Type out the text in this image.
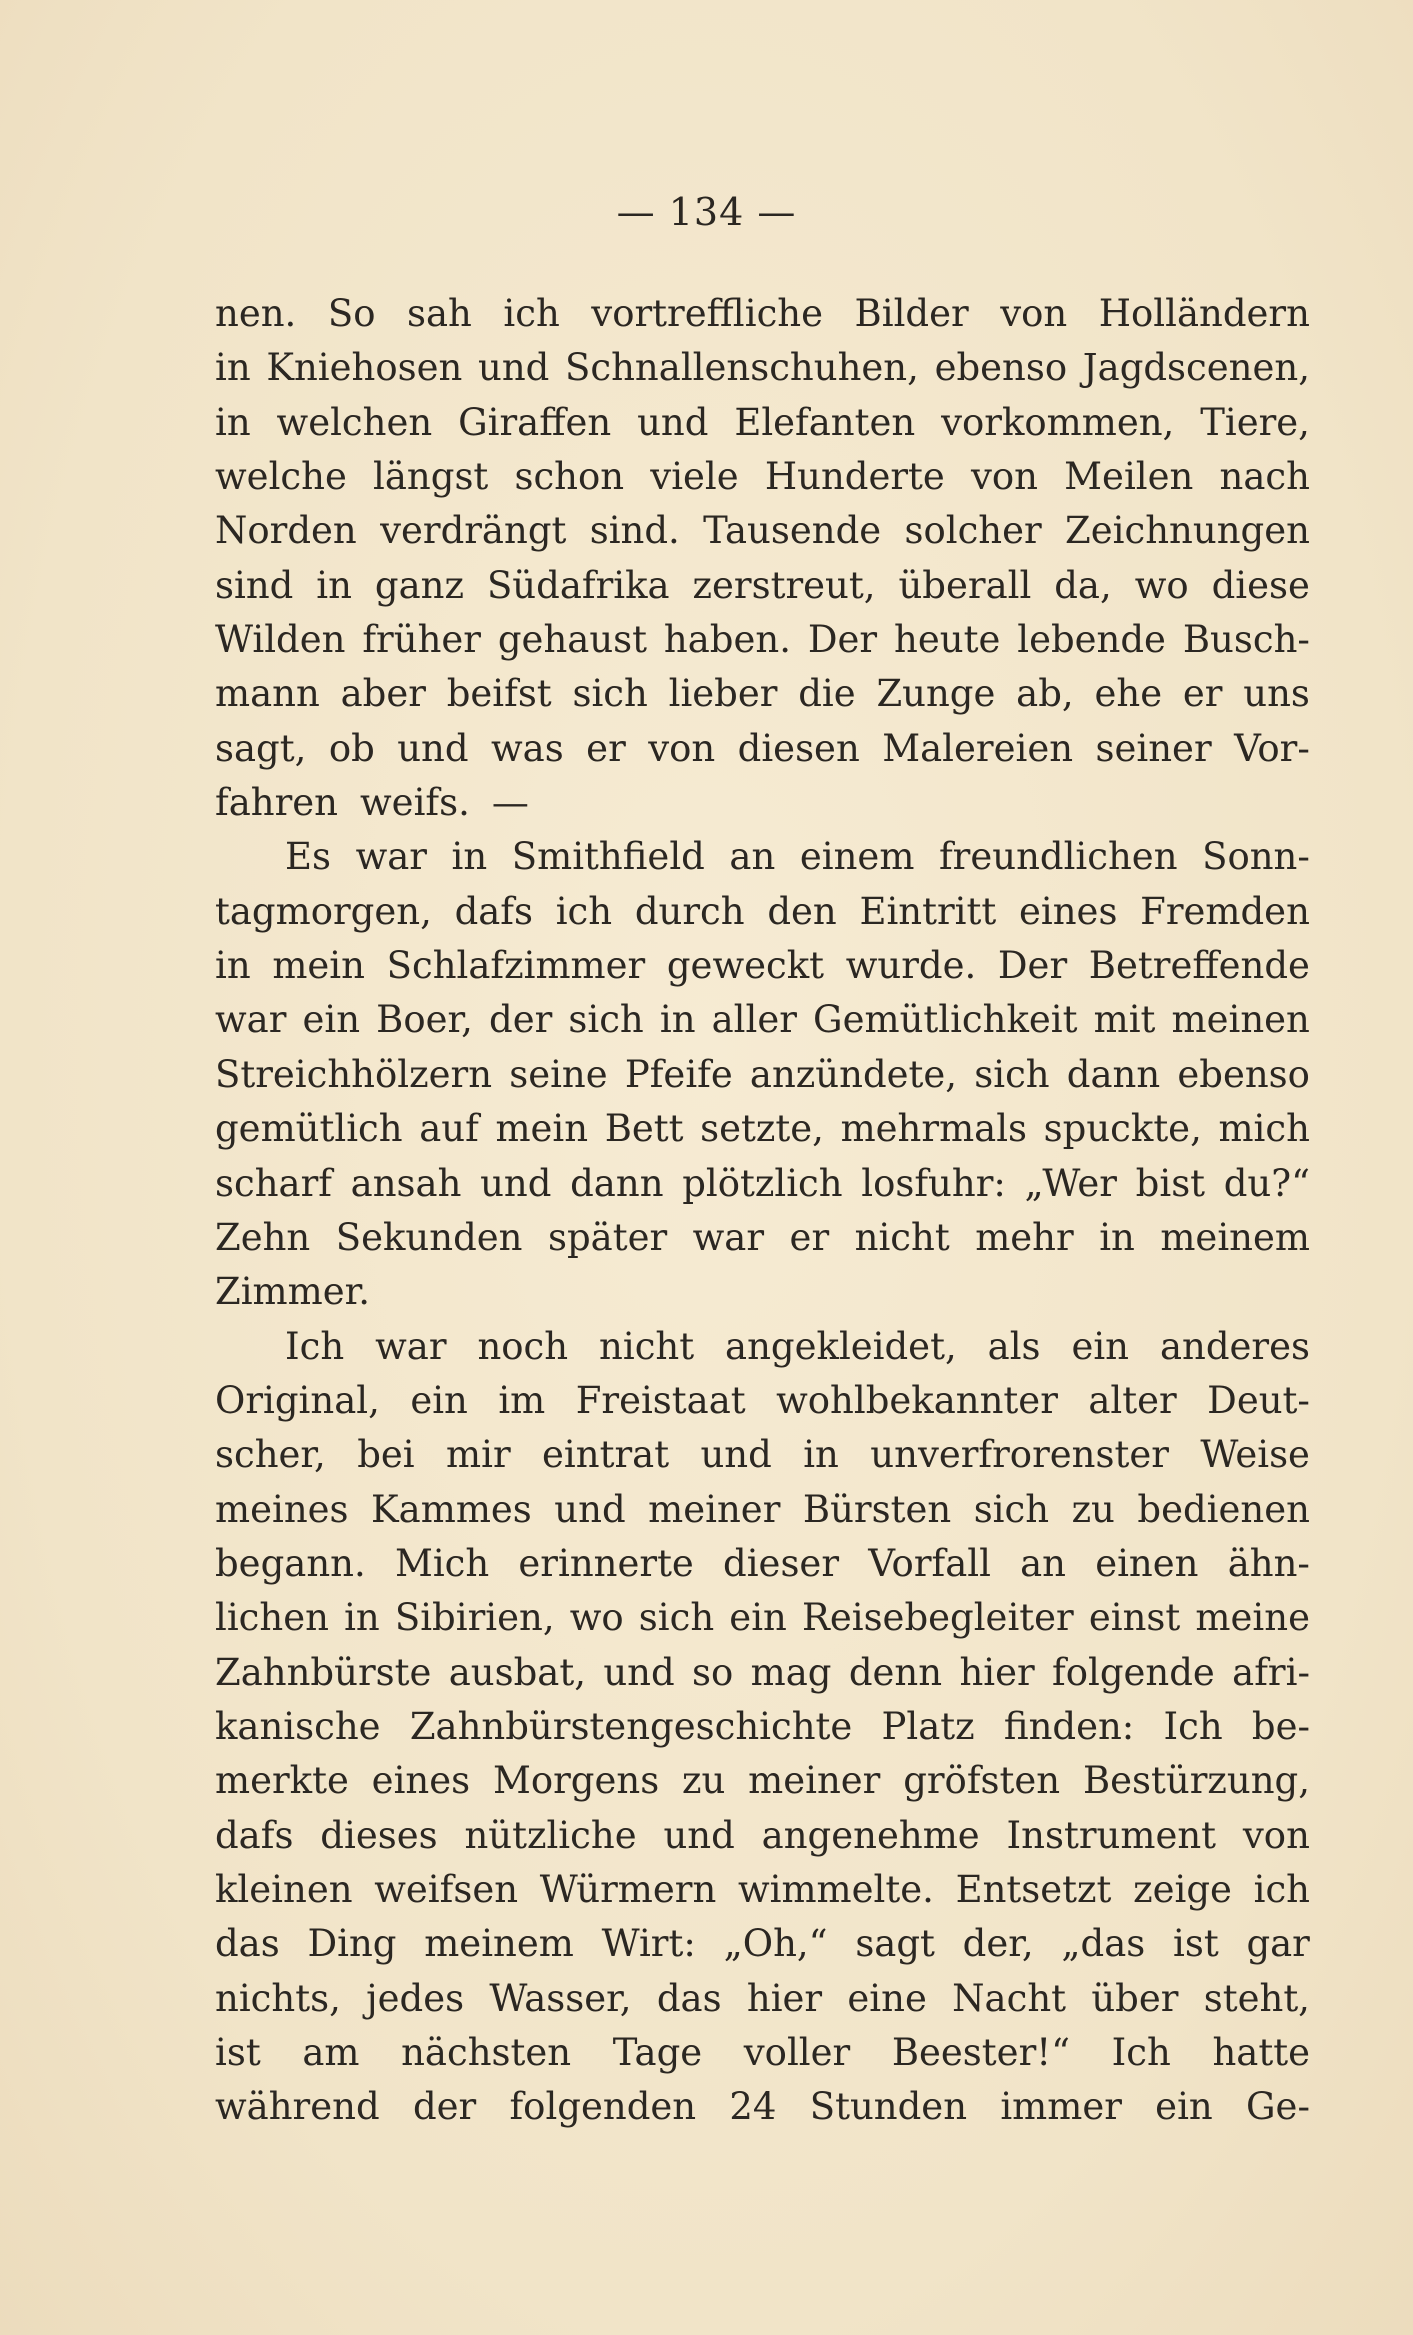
— 134 —
nen. So sah ich vortreffliche Bilder von Holländern
in Kniehosen und Schnallenschuhen, ebenso Jagdscenen,
in welchen Giraffen und Elefanten vorkommen, Tiere,
welche längst schon viele Hunderte von Meilen nach
Norden verdrängt sind. Tausende solcher Zeichnungen
sind in ganz Südafrika zerstreut, überall da, wo diese
Wilden früher gehaust haben. Der heute lebende Busch-
mann aber beifst sich lieber die Zunge ab, ehe er uns
sagt, ob und was er von diesen Malereien seiner Vor-
fahren weifs. —
Es war in Smithfield an einem freundlichen Sonn-
tagmorgen, dafs ich durch den Eintritt eines Fremden
in mein Schlafzimmer geweckt wurde. Der Betreffende
war ein Boer, der sich in aller Gemütlichkeit mit meinen
Streichhölzern seine Pfeife anzündete, sich dann ebenso
gemütlich auf mein Bett setzte, mehrmals spuckte, mich
scharf ansah und dann plötzlich losfuhr: „Wer bist du?“
Zehn Sekunden später war er nicht mehr in meinem
Zimmer.
Ich war noch nicht angekleidet, als ein anderes
Original, ein im Freistaat wohlbekannter alter Deut-
scher, bei mir eintrat und in unverfrorenster Weise
meines Kammes und meiner Bürsten sich zu bedienen
begann. Mich erinnerte dieser Vorfall an einen ähn-
lichen in Sibirien, wo sich ein Reisebegleiter einst meine
Zahnbürste ausbat, und so mag denn hier folgende afri-
kanische Zahnbürstengeschichte Platz finden: Ich be-
merkte eines Morgens zu meiner gröfsten Bestürzung,
dafs dieses nützliche und angenehme Instrument von
kleinen weifsen Würmern wimmelte. Entsetzt zeige ich
das Ding meinem Wirt: „Oh,“ sagt der, „das ist gar
nichts, jedes Wasser, das hier eine Nacht über steht,
ist am nächsten Tage voller Beester!“ Ich hatte
während der folgenden 24 Stunden immer ein Ge-
